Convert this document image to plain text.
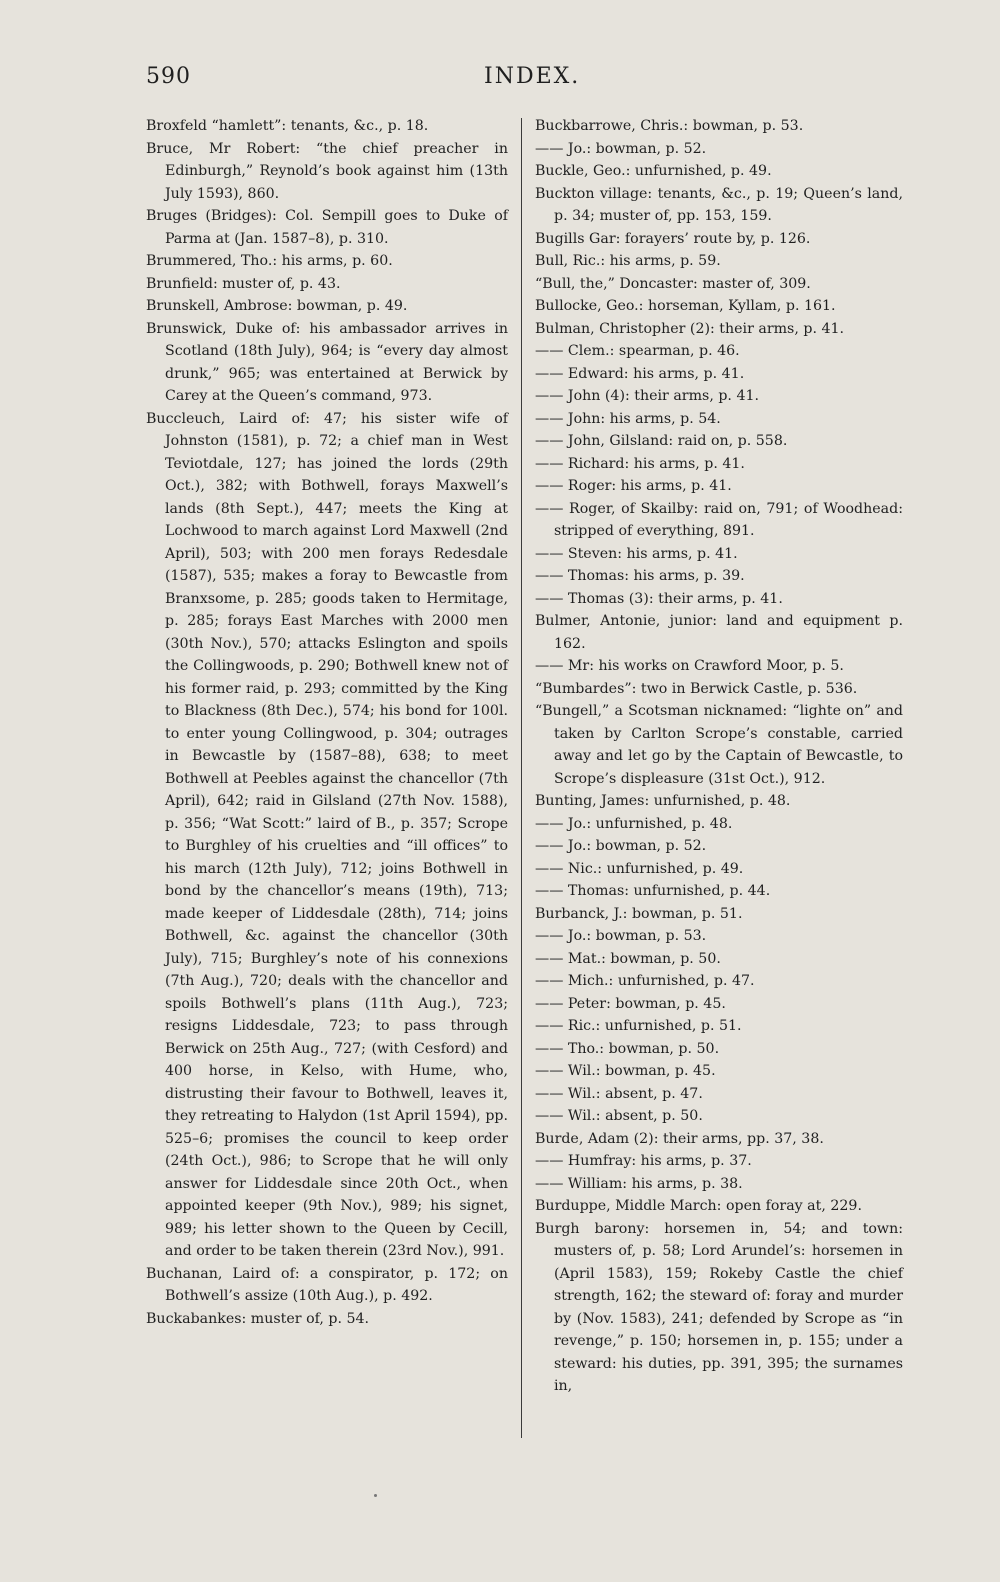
590	INDEX.
Broxfeld “hamlett”: tenants, &c., p. 18.
Bruce, Mr Robert: “the chief preacher in Edinburgh,” Reynold’s book against him (13th July 1593), 860.
Bruges (Bridges): Col. Sempill goes to Duke of Parma at (Jan. 1587–8), p. 310.
Brummered, Tho.: his arms, p. 60.
Brunfield: muster of, p. 43.
Brunskell, Ambrose: bowman, p. 49.
Brunswick, Duke of: his ambassador arrives in Scotland (18th July), 964; is “every day almost drunk,” 965; was entertained at Berwick by Carey at the Queen’s command, 973.
Buccleuch, Laird of: 47; his sister wife of Johnston (1581), p. 72; a chief man in West Teviotdale, 127; has joined the lords (29th Oct.), 382; with Bothwell, forays Maxwell’s lands (8th Sept.), 447; meets the King at Lochwood to march against Lord Maxwell (2nd April), 503; with 200 men forays Redesdale (1587), 535; makes a foray to Bewcastle from Branxsome, p. 285; goods taken to Hermitage, p. 285; forays East Marches with 2000 men (30th Nov.), 570; attacks Eslington and spoils the Collingwoods, p. 290; Bothwell knew not of his former raid, p. 293; committed by the King to Blackness (8th Dec.), 574; his bond for 100l. to enter young Collingwood, p. 304; outrages in Bewcastle by (1587–88), 638; to meet Bothwell at Peebles against the chancellor (7th April), 642; raid in Gilsland (27th Nov. 1588), p. 356; “Wat Scott:” laird of B., p. 357; Scrope to Burghley of his cruelties and “ill offices” to his march (12th July), 712; joins Bothwell in bond by the chancellor’s means (19th), 713; made keeper of Liddesdale (28th), 714; joins Bothwell, &c. against the chancellor (30th July), 715; Burghley’s note of his connexions (7th Aug.), 720; deals with the chancellor and spoils Bothwell’s plans (11th Aug.), 723; resigns Liddesdale, 723; to pass through Berwick on 25th Aug., 727; (with Cesford) and 400 horse, in Kelso, with Hume, who, distrusting their favour to Bothwell, leaves it, they retreating to Halydon (1st April 1594), pp. 525–6; promises the council to keep order (24th Oct.), 986; to Scrope that he will only answer for Liddesdale since 20th Oct., when appointed keeper (9th Nov.), 989; his signet, 989; his letter shown to the Queen by Cecill, and order to be taken therein (23rd Nov.), 991.
Buchanan, Laird of: a conspirator, p. 172; on Bothwell’s assize (10th Aug.), p. 492.
Buckabankes: muster of, p. 54.
Buckbarrowe, Chris.: bowman, p. 53.
—— Jo.: bowman, p. 52.
Buckle, Geo.: unfurnished, p. 49.
Buckton village: tenants, &c., p. 19; Queen’s land, p. 34; muster of, pp. 153, 159.
Bugills Gar: forayers’ route by, p. 126.
Bull, Ric.: his arms, p. 59.
“Bull, the,” Doncaster: master of, 309.
Bullocke, Geo.: horseman, Kyllam, p. 161.
Bulman, Christopher (2): their arms, p. 41.
—— Clem.: spearman, p. 46.
—— Edward: his arms, p. 41.
—— John (4): their arms, p. 41.
—— John: his arms, p. 54.
—— John, Gilsland: raid on, p. 558.
—— Richard: his arms, p. 41.
—— Roger: his arms, p. 41.
—— Roger, of Skailby: raid on, 791; of Woodhead: stripped of everything, 891.
—— Steven: his arms, p. 41.
—— Thomas: his arms, p. 39.
—— Thomas (3): their arms, p. 41.
Bulmer, Antonie, junior: land and equipment p. 162.
—— Mr: his works on Crawford Moor, p. 5.
“Bumbardes”: two in Berwick Castle, p. 536.
“Bungell,” a Scotsman nicknamed: “lighte on” and taken by Carlton Scrope’s constable, carried away and let go by the Captain of Bewcastle, to Scrope’s displeasure (31st Oct.), 912.
Bunting, James: unfurnished, p. 48.
—— Jo.: unfurnished, p. 48.
—— Jo.: bowman, p. 52.
—— Nic.: unfurnished, p. 49.
—— Thomas: unfurnished, p. 44.
Burbanck, J.: bowman, p. 51.
—— Jo.: bowman, p. 53.
—— Mat.: bowman, p. 50.
—— Mich.: unfurnished, p. 47.
—— Peter: bowman, p. 45.
—— Ric.: unfurnished, p. 51.
—— Tho.: bowman, p. 50.
—— Wil.: bowman, p. 45.
—— Wil.: absent, p. 47.
—— Wil.: absent, p. 50.
Burde, Adam (2): their arms, pp. 37, 38.
—— Humfray: his arms, p. 37.
—— William: his arms, p. 38.
Burduppe, Middle March: open foray at, 229.
Burgh barony: horsemen in, 54; and town: musters of, p. 58; Lord Arundel’s: horsemen in (April 1583), 159; Rokeby Castle the chief strength, 162; the steward of: foray and murder by (Nov. 1583), 241; defended by Scrope as “in revenge,” p. 150; horsemen in, p. 155; under a steward: his duties, pp. 391, 395; the surnames in,
